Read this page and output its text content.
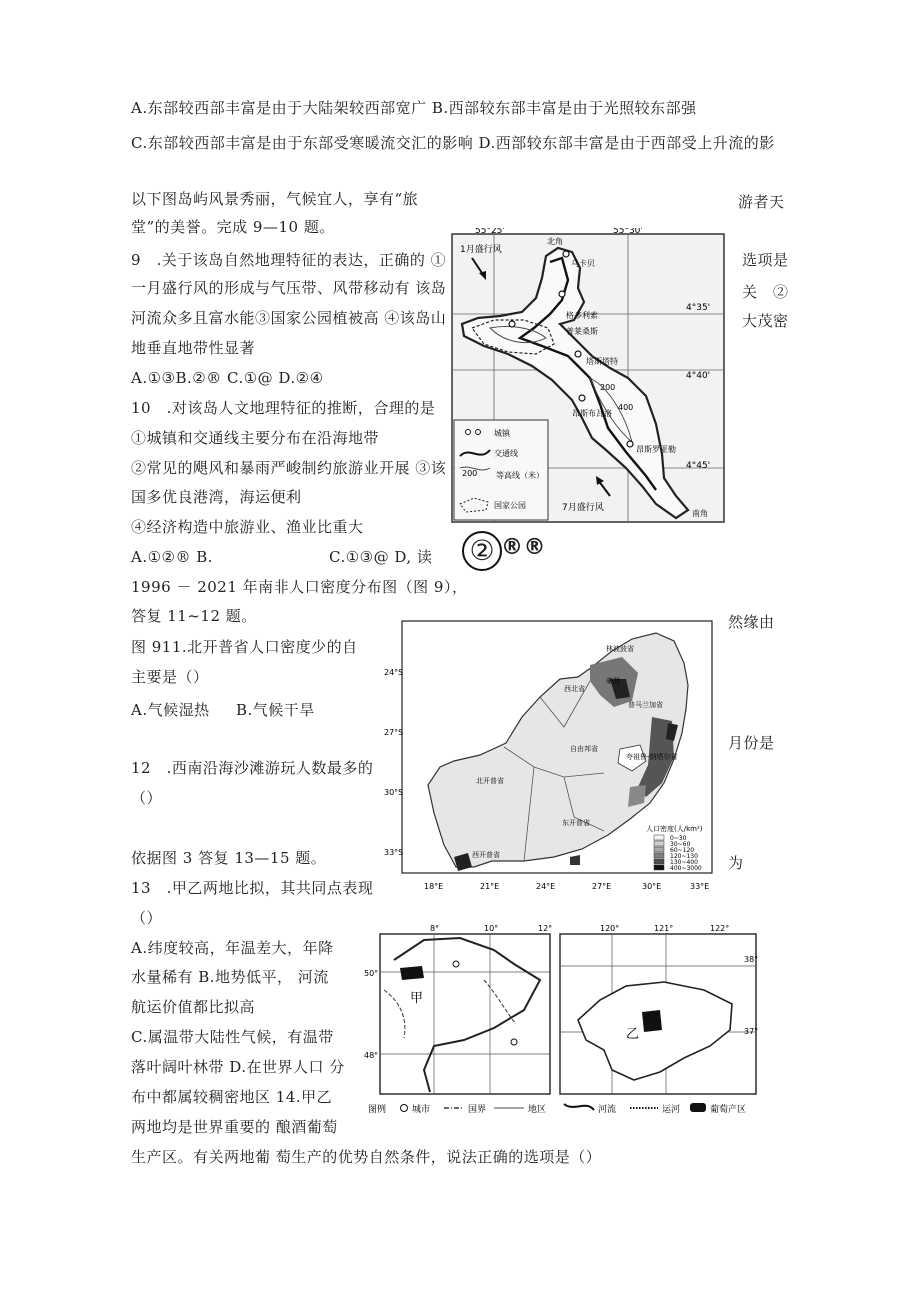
A.东部较西部丰富是由于大陆架较西部宽广 B.西部较东部丰富是由于光照较东部强
C.东部较西部丰富是由于东部受寒暖流交汇的影响 D.西部较东部丰富是由于西部受上升流的影
以下图岛屿风景秀丽，气候宜人，享有“旅	游者天
堂”的美誉。完成 9—10 题。
9　.关于该岛自然地理特征的表达，正确的 ①	选项是
一月盛行风的形成与气压带、风带移动有 该岛	关　②
河流众多且富水能③国家公园植被高 ④该岛山	大茂密
地垂直地带性显著
A.①③B.②® C.①@ D.②④
10　.对该岛人文地理特征的推断，合理的是
①城镇和交通线主要分布在沿海地带
②常见的飓风和暴雨严峻制约旅游业开展 ③该
国多优良港湾，海运便利
④经济构造中旅游业、渔业比重大
A.①②® B.	C.①③@ D, 读 ② ®®
1996 － 2021 年南非人口密度分布图（图 9），
答复 11~12 题。
图 911.北开普省人口密度少的自
然缘由
主要是（）
A.气候湿热 B.气候干旱
月份是
12　.西南沿海沙滩游玩人数最多的
（）
依据图 3 答复 13—15 题。	为
13　.甲乙两地比拟，其共同点表现
（）
A.纬度较高，年温差大，年降
水量稀有 B.地势低平， 河流
航运价值都比拟高
C.属温带大陆性气候，有温带
落叶阔叶林带 D.在世界人口 分
布中都属较稠密地区 14.甲乙
两地均是世界重要的 酿酒葡萄
生产区。有关两地葡 萄生产的优势自然条件，说法正确的选项是（）
55°25'	55°30'
4°35'
4°40'
4°45'
200
400
北角
乌卡贝
格多利索
普莱桑斯
塔斯塔特
昂斯布瓦洛
昂斯罗亚勒
南角
1月盛行风
7月盛行风
城镇
交通线
200 等高线（米）
国家公园
24°S
27°S
30°S
33°S
18°E	21°E	24°E	27°E	30°E	33°E
林波波省
西北省
豪登
普马兰加省
自由邦省
夸祖鲁-纳塔尔省
北开普省
东开普省
西开普省
人口密度(人/km²)
0~30
30~60
60~120
120~130
130~400
400~3000
8°	10°	12°
50°
48°
甲
120°	121°	122°
38°
37°
乙
图例	城市	国界	地区	河流	运河	葡萄产区
